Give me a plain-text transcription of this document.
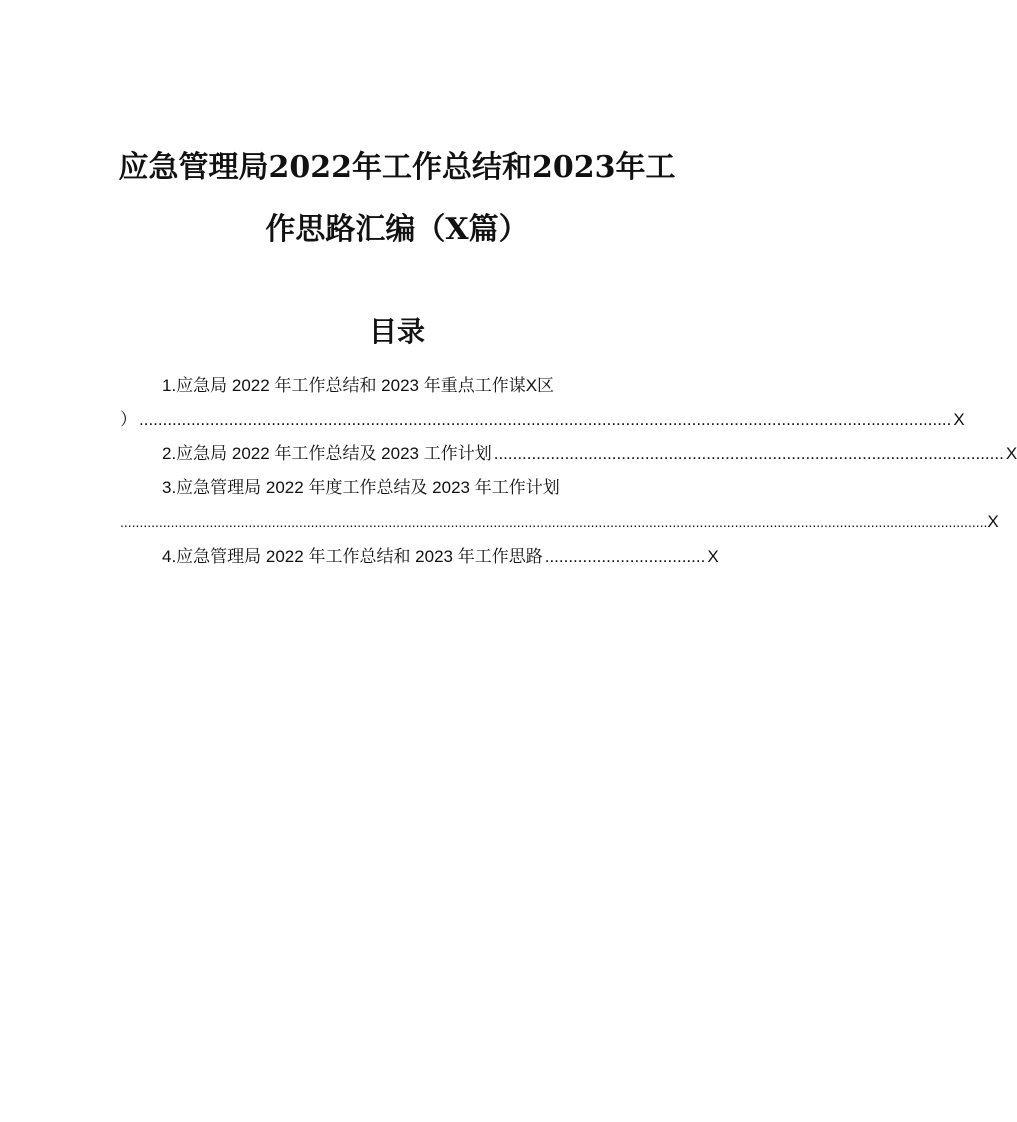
应急管理局2022年工作总结和2023年工
作思路汇编（X篇）
目录
1.应急局 2022 年工作总结和 2023 年重点工作谋X区
） ............................................................................................................................................................................ X
2.应急局 2022 年工作总结及 2023 工作计划 ............................................................................................................ X
3.应急管理局 2022 年度工作总结及 2023 年工作计划
............................................................................................................................................................................................................................... X
4.应急管理局 2022 年工作总结和 2023 年工作思路 .................................. X
